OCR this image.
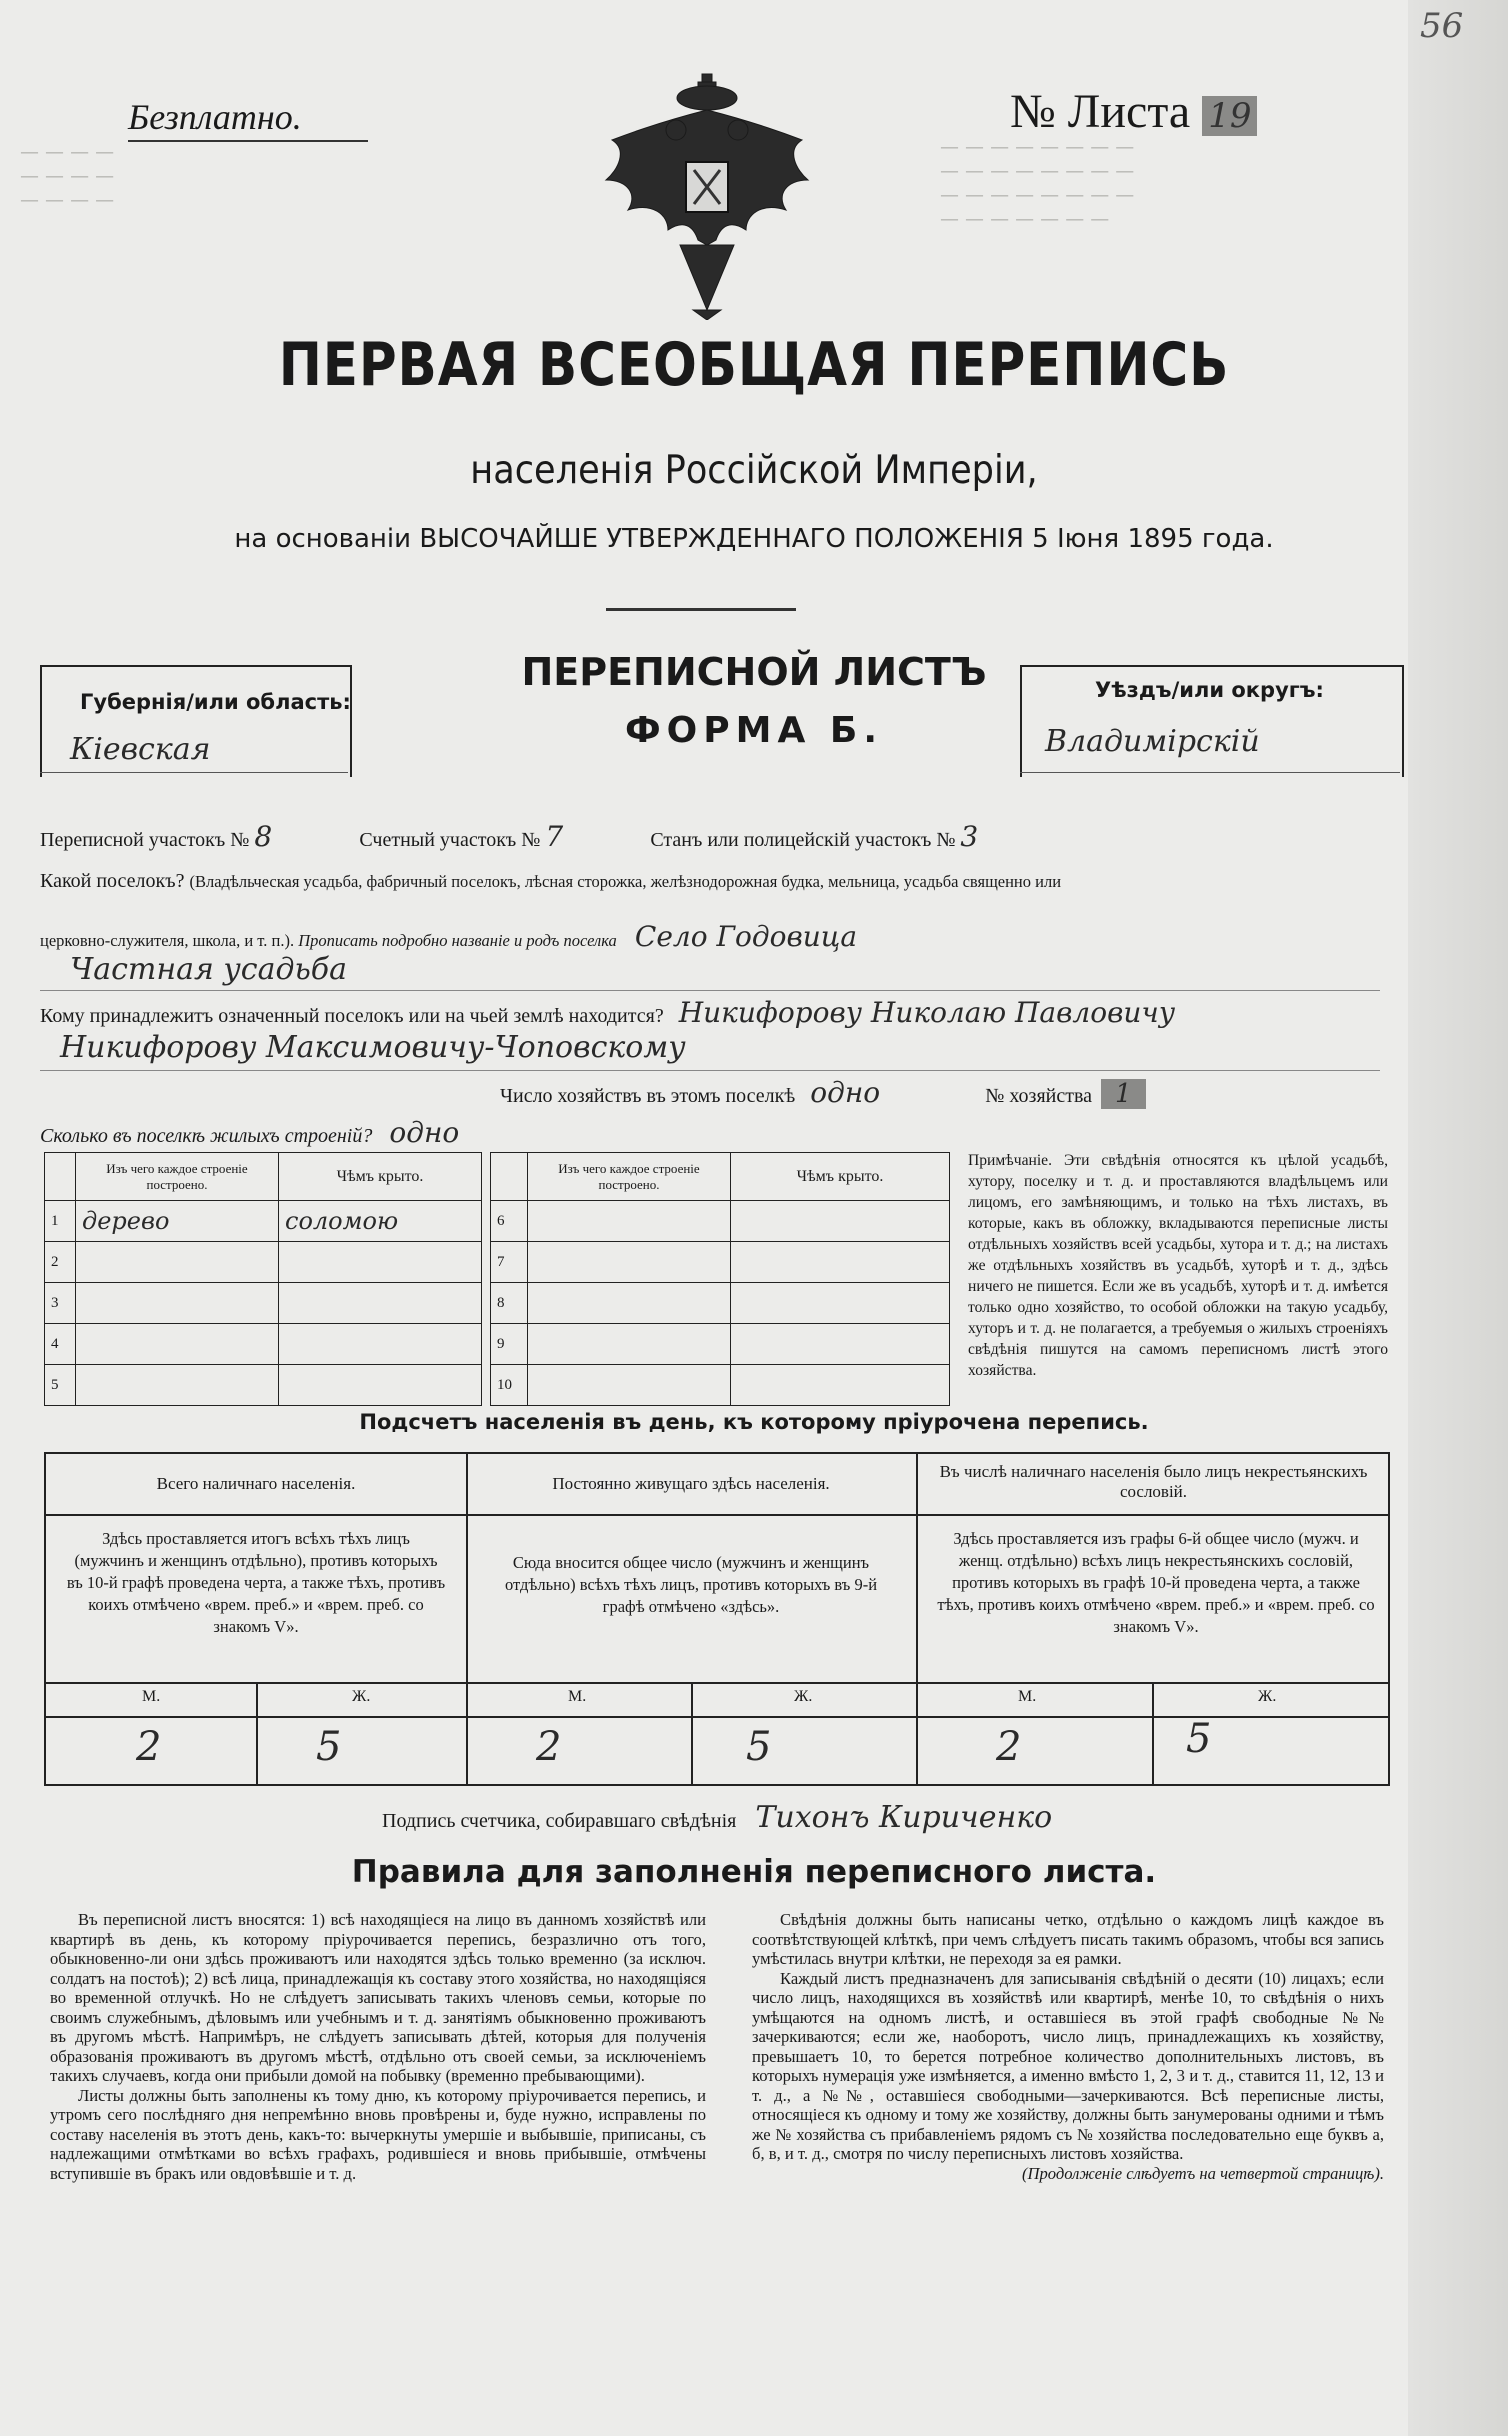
— — — —
— — — —
— — — —
— — — — — — — —
— — — — — — — —
— — — — — — — —
— — — — — — —
56
Безплатно.	№ Листа 19
ПЕРВАЯ ВСЕОБЩАЯ ПЕРЕПИСЬ
населенія Россійской Имперіи,
на основаніи ВЫСОЧАЙШЕ УТВЕРЖДЕННАГО ПОЛОЖЕНІЯ 5 Іюня 1895 года.
Губернія/или область:
Кіевская
ПЕРЕПИСНОЙ ЛИСТЪ
ФОРМА Б.
Уѣздъ/или округъ:
Владимірскій
Переписной участокъ № 8	Счетный участокъ № 7	Станъ или полицейскій участокъ № 3
Какой поселокъ? (Владѣльческая усадьба, фабричный поселокъ, лѣсная сторожка, желѣзнодорожная будка, мельница, усадьба священно или
церковно-служителя, школа, и т. п.). Прописать подробно названіе и родъ поселка Село Годовица
Частная усадьба
Кому принадлежитъ означенный поселокъ или на чьей землѣ находится? Никифорову Николаю Павловичу
Никифорову Максимовичу-Чоповскому
Число хозяйствъ въ этомъ поселкѣ одно	№ хозяйства 1
Сколько въ поселкѣ жилыхъ строеній? одно
	Изъ чего каждое строеніе построено.	Чѣмъ крыто.
1	дерево	соломою
2		
3		
4		
5		
	Изъ чего каждое строеніе построено.	Чѣмъ крыто.
6		
7		
8		
9		
10		
Примѣчаніе. Эти свѣдѣнія относятся къ цѣлой усадьбѣ, хутору, поселку и т. д. и проставляются владѣльцемъ или лицомъ, его замѣняющимъ, и только на тѣхъ листахъ, въ которые, какъ въ обложку, вкладываются переписные листы отдѣльныхъ хозяйствъ всей усадьбы, хутора и т. д.; на листахъ же отдѣльныхъ хозяйствъ въ усадьбѣ, хуторѣ и т. д., здѣсь ничего не пишется. Если же въ усадьбѣ, хуторѣ и т. д. имѣется только одно хозяйство, то особой обложки на такую усадьбу, хуторъ и т. д. не полагается, а требуемыя о жилыхъ строеніяхъ свѣдѣнія пишутся на самомъ переписномъ листѣ этого хозяйства.
Подсчетъ населенія въ день, къ которому пріурочена перепись.
Всего наличнаго населенія.	Постоянно живущаго здѣсь населенія.
Въ числѣ наличнаго населенія было лицъ некрестьянскихъ сословій.
Здѣсь проставляется итогъ всѣхъ тѣхъ лицъ (мужчинъ и женщинъ отдѣльно), противъ которыхъ въ 10-й графѣ проведена черта, а также тѣхъ, противъ коихъ отмѣчено «врем. преб.» и «врем. преб. со знакомъ V».
Сюда вносится общее число (мужчинъ и женщинъ отдѣльно) всѣхъ тѣхъ лицъ, противъ которыхъ въ 9-й графѣ отмѣчено «здѣсь».
Здѣсь проставляется изъ графы 6-й общее число (мужч. и женщ. отдѣльно) всѣхъ лицъ некрестьянскихъ сословій, противъ которыхъ въ графѣ 10-й проведена черта, а также тѣхъ, противъ коихъ отмѣчено «врем. преб.» и «врем. преб. со знакомъ V».
М.	Ж.	М.	Ж.	М.	Ж.
2	5	2	5	2	5
Подпись счетчика, собиравшаго свѣдѣнія Тихонъ Кириченко
Правила для заполненія переписного листа.

Въ переписной листъ вносятся: 1) всѣ находящіеся на лицо въ данномъ хозяйствѣ или квартирѣ въ день, къ которому пріурочивается перепись, безразлично отъ того, обыкновенно-ли они здѣсь проживаютъ или находятся здѣсь только временно (за исключ. солдатъ на постоѣ); 2) всѣ лица, принадлежащія къ составу этого хозяйства, но находящіяся во временной отлучкѣ. Но не слѣдуетъ записывать такихъ членовъ семьи, которые по своимъ служебнымъ, дѣловымъ или учебнымъ и т. д. занятіямъ обыкновенно проживаютъ въ другомъ мѣстѣ. Напримѣръ, не слѣдуетъ записывать дѣтей, которыя для полученія образованія проживаютъ въ другомъ мѣстѣ, отдѣльно отъ своей семьи, за исключеніемъ такихъ случаевъ, когда они прибыли домой на побывку (временно пребывающими).

Листы должны быть заполнены къ тому дню, къ которому пріурочивается перепись, и утромъ сего послѣдняго дня непремѣнно вновь провѣрены и, буде нужно, исправлены по составу населенія въ этотъ день, какъ-то: вычеркнуты умершіе и выбывшіе, приписаны, съ надлежащими отмѣтками во всѣхъ графахъ, родившіеся и вновь прибывшіе, отмѣчены вступившіе въ бракъ или овдовѣвшіе и т. д.

Свѣдѣнія должны быть написаны четко, отдѣльно о каждомъ лицѣ каждое въ соотвѣтствующей клѣткѣ, при чемъ слѣдуетъ писать такимъ образомъ, чтобы вся запись умѣстилась внутри клѣтки, не переходя за ея рамки.

Каждый листъ предназначенъ для записыванія свѣдѣній о десяти (10) лицахъ; если число лицъ, находящихся въ хозяйствѣ или квартирѣ, менѣе 10, то свѣдѣнія о нихъ умѣщаются на одномъ листѣ, и оставшіеся въ этой графѣ свободные №№ зачеркиваются; если же, наоборотъ, число лицъ, принадлежащихъ къ хозяйству, превышаетъ 10, то берется потребное количество дополнительныхъ листовъ, въ которыхъ нумерація уже измѣняется, а именно вмѣсто 1, 2, 3 и т. д., ставится 11, 12, 13 и т. д., а №№, оставшіеся свободными—зачеркиваются. Всѣ переписные листы, относящіеся къ одному и тому же хозяйству, должны быть занумерованы одними и тѣмъ же № хозяйства съ прибавленіемъ рядомъ съ № хозяйства последовательно еще буквъ а, б, в, и т. д., смотря по числу переписныхъ листовъ хозяйства.

(Продолженіе слѣдуетъ на четвертой страницѣ).
